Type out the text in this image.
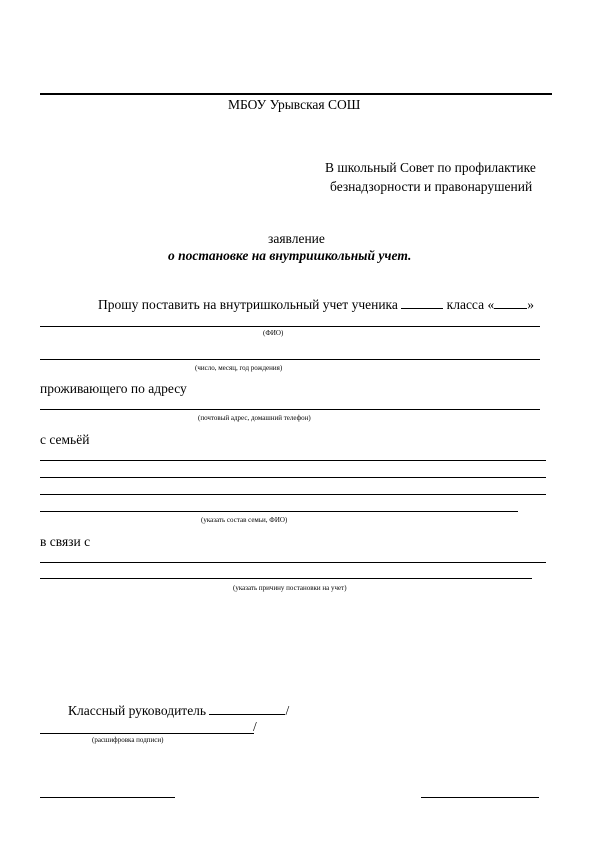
МБОУ Урывская СОШ
В школьный Совет по профилактике
безнадзорности и правонарушений
заявление
о постановке на внутришкольный учет.
Прошу поставить на внутришкольный учет ученика	класса « »
(ФИО)
(число, месяц, год рождения)
проживающего по адресу
(почтовый адрес, домашний телефон)
с семьёй
(указать состав семьи, ФИО)
в связи с
(указать причину постановки на учет)
Классный руководитель	/
/
(расшифровка подписи)
